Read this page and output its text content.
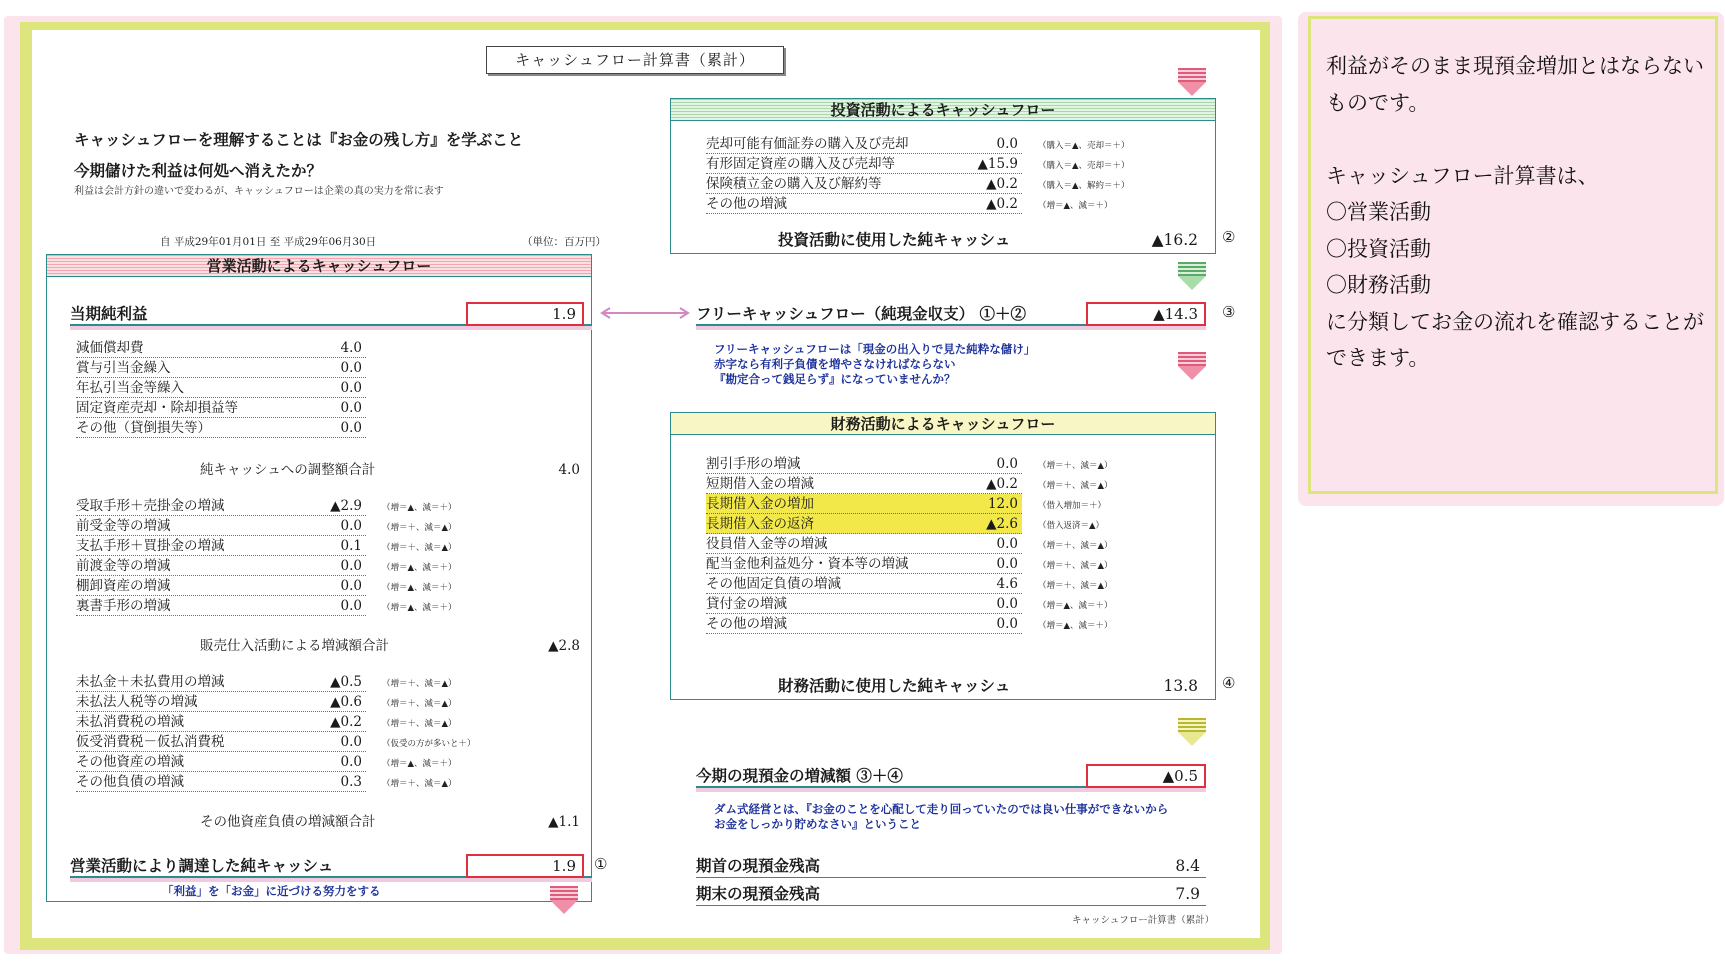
利益がそのまま現預金増加とはならないものです。

キャッシュフロー計算書は、
〇営業活動
〇投資活動
〇財務活動
に分類してお金の流れを確認することができます。
キャッシュフロー計算書（累計）
キャッシュフローを理解することは『お金の残し方』を学ぶこと
今期儲けた利益は何処へ消えたか？
利益は会計方針の違いで変わるが、キャッシュフローは企業の真の実力を常に表す
自 平成29年01月01日 至 平成29年06月30日	（単位：百万円）
営業活動によるキャッシュフロー
当期純利益	1.9
減価償却費	4.0
賞与引当金繰入	0.0
年払引当金等繰入	0.0
固定資産売却・除却損益等	0.0
その他（貸倒損失等）	0.0
純キャッシュへの調整額合計	4.0
受取手形＋売掛金の増減	▲2.9 （増＝▲、減＝＋）
前受金等の増減	0.0 （増＝＋、減＝▲）
支払手形＋買掛金の増減	0.1 （増＝＋、減＝▲）
前渡金等の増減	0.0 （増＝▲、減＝＋）
棚卸資産の増減	0.0 （増＝▲、減＝＋）
裏書手形の増減	0.0 （増＝▲、減＝＋）
販売仕入活動による増減額合計	▲2.8
未払金＋未払費用の増減	▲0.5 （増＝＋、減＝▲）
未払法人税等の増減	▲0.6 （増＝＋、減＝▲）
未払消費税の増減	▲0.2 （増＝＋、減＝▲）
仮受消費税－仮払消費税	0.0 （仮受の方が多いと＋）
その他資産の増減	0.0 （増＝▲、減＝＋）
その他負債の増減	0.3 （増＝＋、減＝▲）
その他資産負債の増減額合計	▲1.1
営業活動により調達した純キャッシュ	1.9	①
「利益」を「お金」に近づける努力をする
投資活動によるキャッシュフロー
売却可能有価証券の購入及び売却	0.0 （購入＝▲、売却＝＋）
有形固定資産の購入及び売却等	▲15.9 （購入＝▲、売却＝＋）
保険積立金の購入及び解約等	▲0.2 （購入＝▲、解約＝＋）
その他の増減	▲0.2 （増＝▲、減＝＋）
投資活動に使用した純キャッシュ	▲16.2 ②
フリーキャッシュフロー（純現金収支） ①＋②	▲14.3	③
フリーキャッシュフローは「現金の出入りで見た純粋な儲け」
赤字なら有利子負債を増やさなければならない
『勘定合って銭足らず』になっていませんか？
財務活動によるキャッシュフロー
割引手形の増減	0.0 （増＝＋、減＝▲）
短期借入金の増減	▲0.2 （増＝＋、減＝▲）
長期借入金の増加	12.0 （借入増加＝＋）
長期借入金の返済	▲2.6 （借入返済＝▲）
役員借入金等の増減	0.0 （増＝＋、減＝▲）
配当金他利益処分・資本等の増減	0.0 （増＝＋、減＝▲）
その他固定負債の増減	4.6 （増＝＋、減＝▲）
貸付金の増減	0.0 （増＝▲、減＝＋）
その他の増減	0.0 （増＝▲、減＝＋）
財務活動に使用した純キャッシュ	13.8 ④
今期の現預金の増減額 ③＋④	▲0.5
ダム式経営とは、『お金のことを心配して走り回っていたのでは良い仕事ができないから
お金をしっかり貯めなさい』ということ
期首の現預金残高	8.4
期末の現預金残高	7.9
キャッシュフロー計算書（累計）
